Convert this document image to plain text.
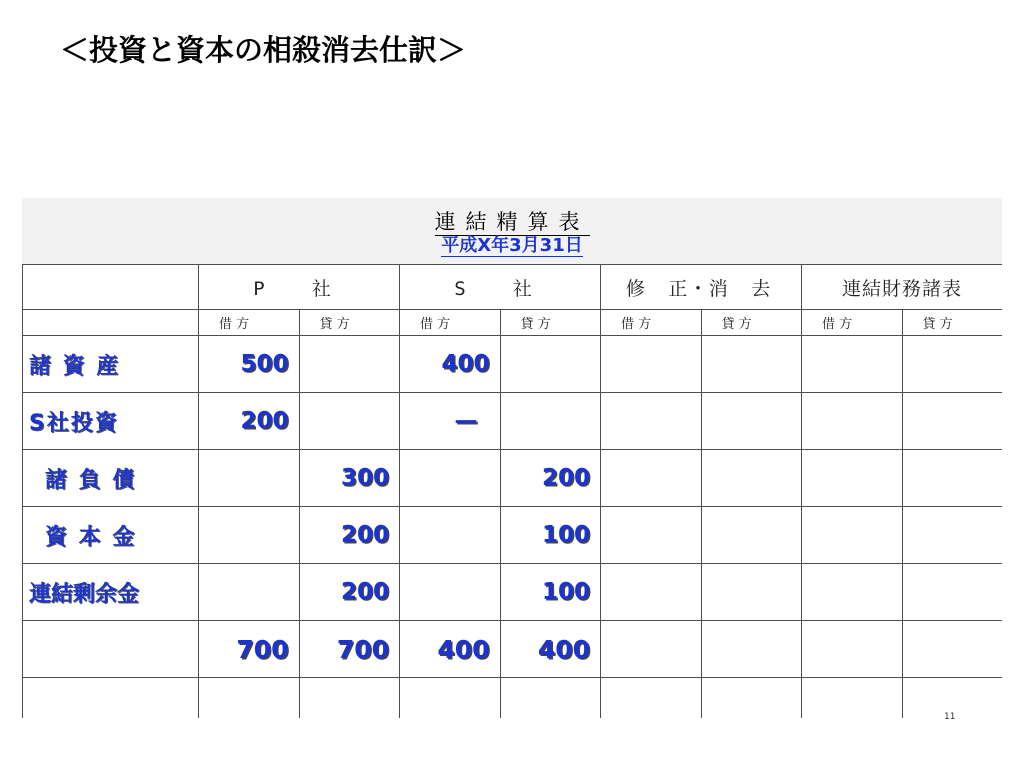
＜投資と資本の相殺消去仕訳＞
連結精算表
平成X年3月31日
	P　社		S　社		修 正･消 去		連結財務諸表	

借 方	貸 方	借 方	貸 方	借 方	貸 方	借 方	貸 方

諸 資 産	500		400					
S社投資	200		—					
諸 負 債		300		200				
資 本 金		200		100				
連結剰余金		200		100				
	700	700	400	400				

11
